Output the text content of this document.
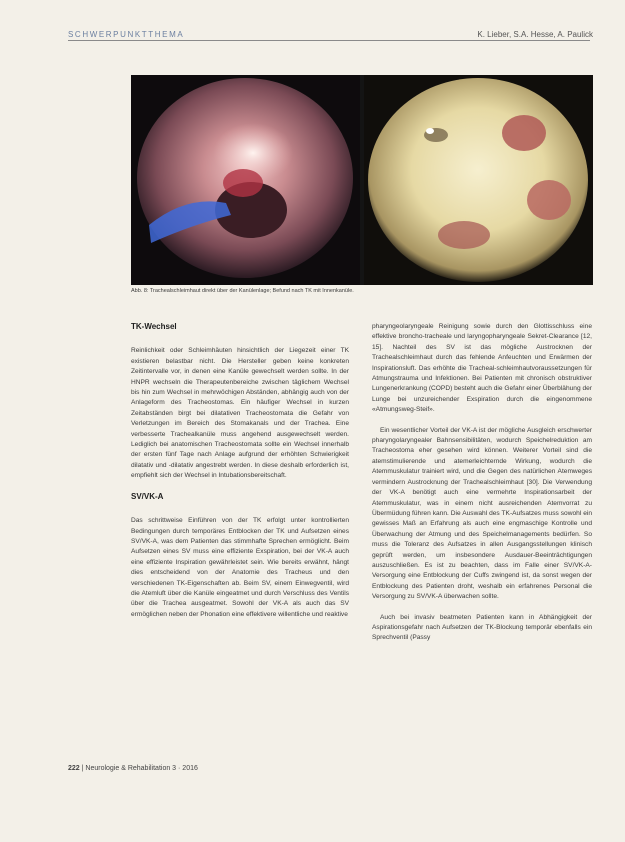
SCHWERPUNKTTHEMA	K. Lieber, S.A. Hesse, A. Paulick
Abb. 8: Trachealschleimhaut direkt über der Kanülenlage; Befund nach TK mit Innenkanüle.
TK-Wechsel
Reinlichkeit oder Schleimhäuten hinsichtlich der Liegezeit einer TK existieren belastbar nicht. Die Hersteller geben keine konkreten Zeitintervalle vor, in denen eine Kanüle gewechselt werden sollte. In der HNPR wechseln die Therapeutenbereiche zwischen täglichem Wechsel bis hin zum Wechsel in mehrwöchigen Abständen, abhängig auch von der Anlageform des Tracheostomas. Ein häufiger Wechsel in kurzen Zeitabständen birgt bei dilatativen Tracheostomata die Gefahr von Verletzungen im Bereich des Stomakanals und der Trachea. Eine verbesserte Trachealkanüle muss angehend ausgewechselt werden. Lediglich bei anatomischen Tracheostomata sollte ein Wechsel innerhalb der ersten fünf Tage nach Anlage aufgrund der erhöhten Schwierigkeit dilatativ und -dilatativ angestrebt werden. In diese deshalb erforderlich ist, empfiehlt sich der Wechsel in Intubationsbereitschaft.
SV/VK-A
Das schrittweise Einführen von der TK erfolgt unter kontrollierten Bedingungen durch temporäres Entblocken der TK und Aufsetzen eines SV/VK-A, was dem Patienten das stimmhafte Sprechen ermöglicht. Beim Aufsetzen eines SV muss eine effiziente Exspiration, bei der VK-A auch eine effiziente Inspiration gewährleistet sein. Wie bereits erwähnt, hängt dies entscheidend von der Anatomie des Tracheus und den verschiedenen TK-Eigenschaften ab. Beim SV, einem Einwegventil, wird die Atemluft über die Kanüle eingeatmet und durch Verschluss des Ventils über die Trachea ausgeatmet. Sowohl der VK-A als auch das SV ermöglichen neben der Phonation eine effektivere willentliche und reaktive
pharyngeolaryngeale Reinigung sowie durch den Glottisschluss eine effektive broncho-tracheale und laryngopharyngeale Sekret-Clearance [12, 15]. Nachteil des SV ist das mögliche Austrocknen der Trachealschleimhaut durch das fehlende Anfeuchten und Erwärmen der Inspirationsluft. Das erhöhte die Tracheal-schleimhautvoraussetzungen für Atmungstrauma und Infektionen. Bei Patienten mit chronisch obstruktiver Lungenerkrankung (COPD) besteht auch die Gefahr einer Überblähung der Lunge bei unzureichender Exspiration durch die eingenommene «Atmungsweg-Steif».
Ein wesentlicher Vorteil der VK-A ist der mögliche Ausgleich erschwerter pharyngolaryngealer Bahnsensibilitäten, wodurch Speichelreduktion am Tracheostoma eher gesehen wird können. Weiterer Vorteil sind die atemstimulierende und atemerleichternde Wirkung, wodurch die Atemmuskulatur trainiert wird, und die Gegen des natürlichen Atemweges vermindern Austrocknung der Trachealschleimhaut [30]. Die Verwendung der VK-A benötigt auch eine vermehrte Inspirationsarbeit der Atemmuskulatur, was in einem nicht ausreichenden Atemvorrat zu Übermüdung führen kann. Die Auswahl des TK-Aufsatzes muss sowohl ein gewisses Maß an Erfahrung als auch eine engmaschige Kontrolle und Überwachung der Atmung und des Speichelmanagements bedürfen. So muss die Toleranz des Aufsatzes in allen Ausgangsstellungen klinisch geprüft werden, um insbesondere Ausdauer-Beeinträchtigungen auszuschließen. Es ist zu beachten, dass im Falle einer SV/VK-A-Versorgung eine Entblockung der Cuffs zwingend ist, da sonst wegen der Entblockung des Patienten droht, weshalb ein erfahrenes Personal die Versorgung zu SV/VK-A überwachen sollte.
Auch bei invasiv beatmeten Patienten kann in Abhängigkeit der Aspirationsgefahr nach Aufsetzen der TK-Blockung temporär ebenfalls ein Sprechventil (Passy
222 | Neurologie & Rehabilitation 3 · 2016
